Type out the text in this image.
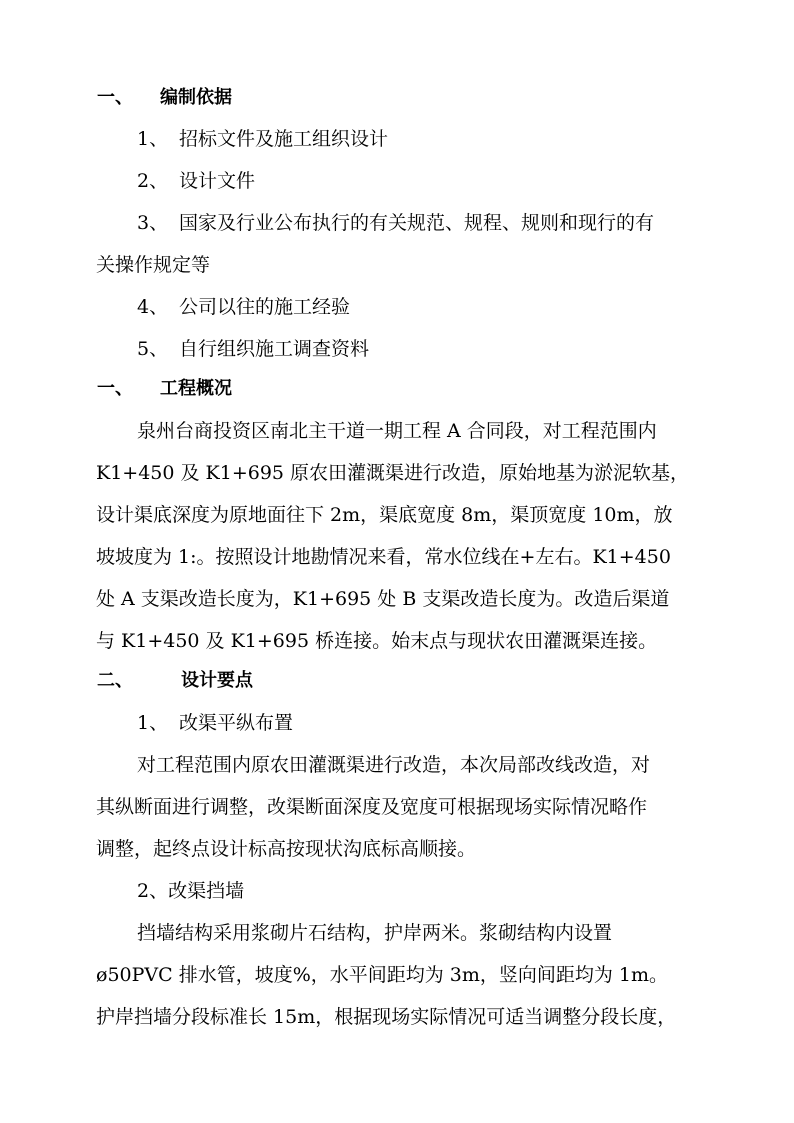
一、 编制依据
1、 招标文件及施工组织设计
2、 设计文件
3、 国家及行业公布执行的有关规范、规程、规则和现行的有
关操作规定等
4、 公司以往的施工经验
5、 自行组织施工调查资料
一、 工程概况
泉州台商投资区南北主干道一期工程 A 合同段，对工程范围内
K1+450 及 K1+695 原农田灌溉渠进行改造，原始地基为淤泥软基，
设计渠底深度为原地面往下 2m，渠底宽度 8m，渠顶宽度 10m，放
坡坡度为 1:。按照设计地勘情况来看，常水位线在+左右。K1+450
处 A 支渠改造长度为，K1+695 处 B 支渠改造长度为。改造后渠道
与 K1+450 及 K1+695 桥连接。始末点与现状农田灌溉渠连接。
二、	设计要点
1、 改渠平纵布置
对工程范围内原农田灌溉渠进行改造，本次局部改线改造，对
其纵断面进行调整，改渠断面深度及宽度可根据现场实际情况略作
调整，起终点设计标高按现状沟底标高顺接。
2、改渠挡墙
挡墙结构采用浆砌片石结构，护岸两米。浆砌结构内设置
ø50PVC 排水管，坡度%，水平间距均为 3m，竖向间距均为 1m。
护岸挡墙分段标准长 15m，根据现场实际情况可适当调整分段长度，
